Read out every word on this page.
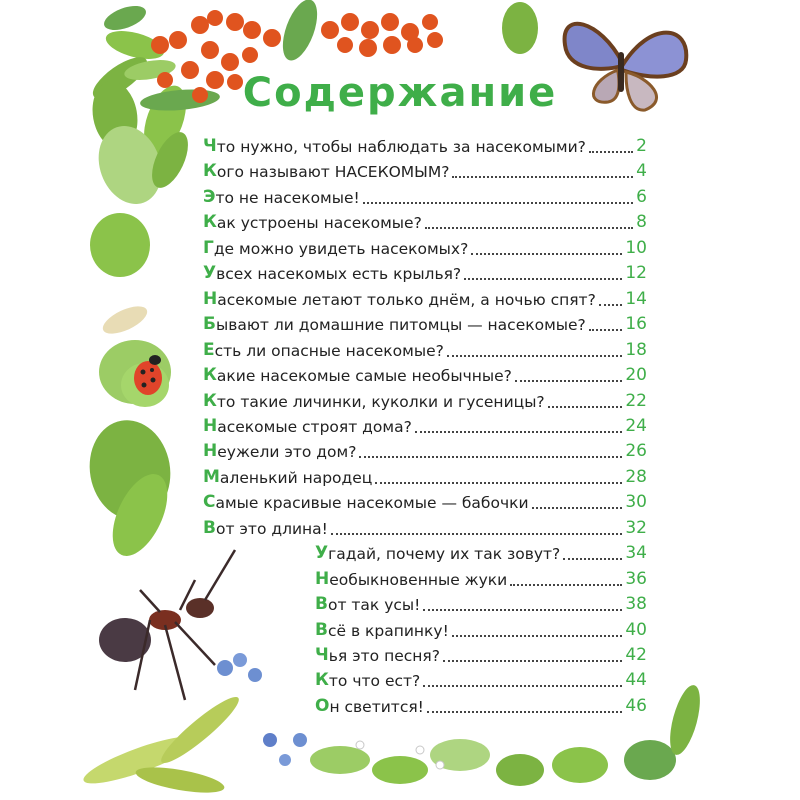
Содержание
Ч то нужно, чтобы наблюдать за насекомыми?	2
К ого называют НАСЕКОМЫМ?	4
Э то не насекомые!	6
К ак устроены насекомые?	8
Г де можно увидеть насекомых?	10
У всех насекомых есть крылья?	12
Н асекомые летают только днём, а ночью спят? 14
Б ывают ли домашние питомцы — насекомые? 16
Е сть ли опасные насекомые?	18
К акие насекомые самые необычные?	20
К то такие личинки, куколки и гусеницы?	22
Н асекомые строят дома?	24
Н еужели это дом?	26
М аленький народец	28
С амые красивые насекомые — бабочки	30
В от это длина!	32
У гадай, почему их так зовут?	34
Н еобыкновенные жуки	36
В от так усы!	38
В сё в крапинку!	40
Ч ья это песня?	42
К то что ест?	44
О н светится!	46
